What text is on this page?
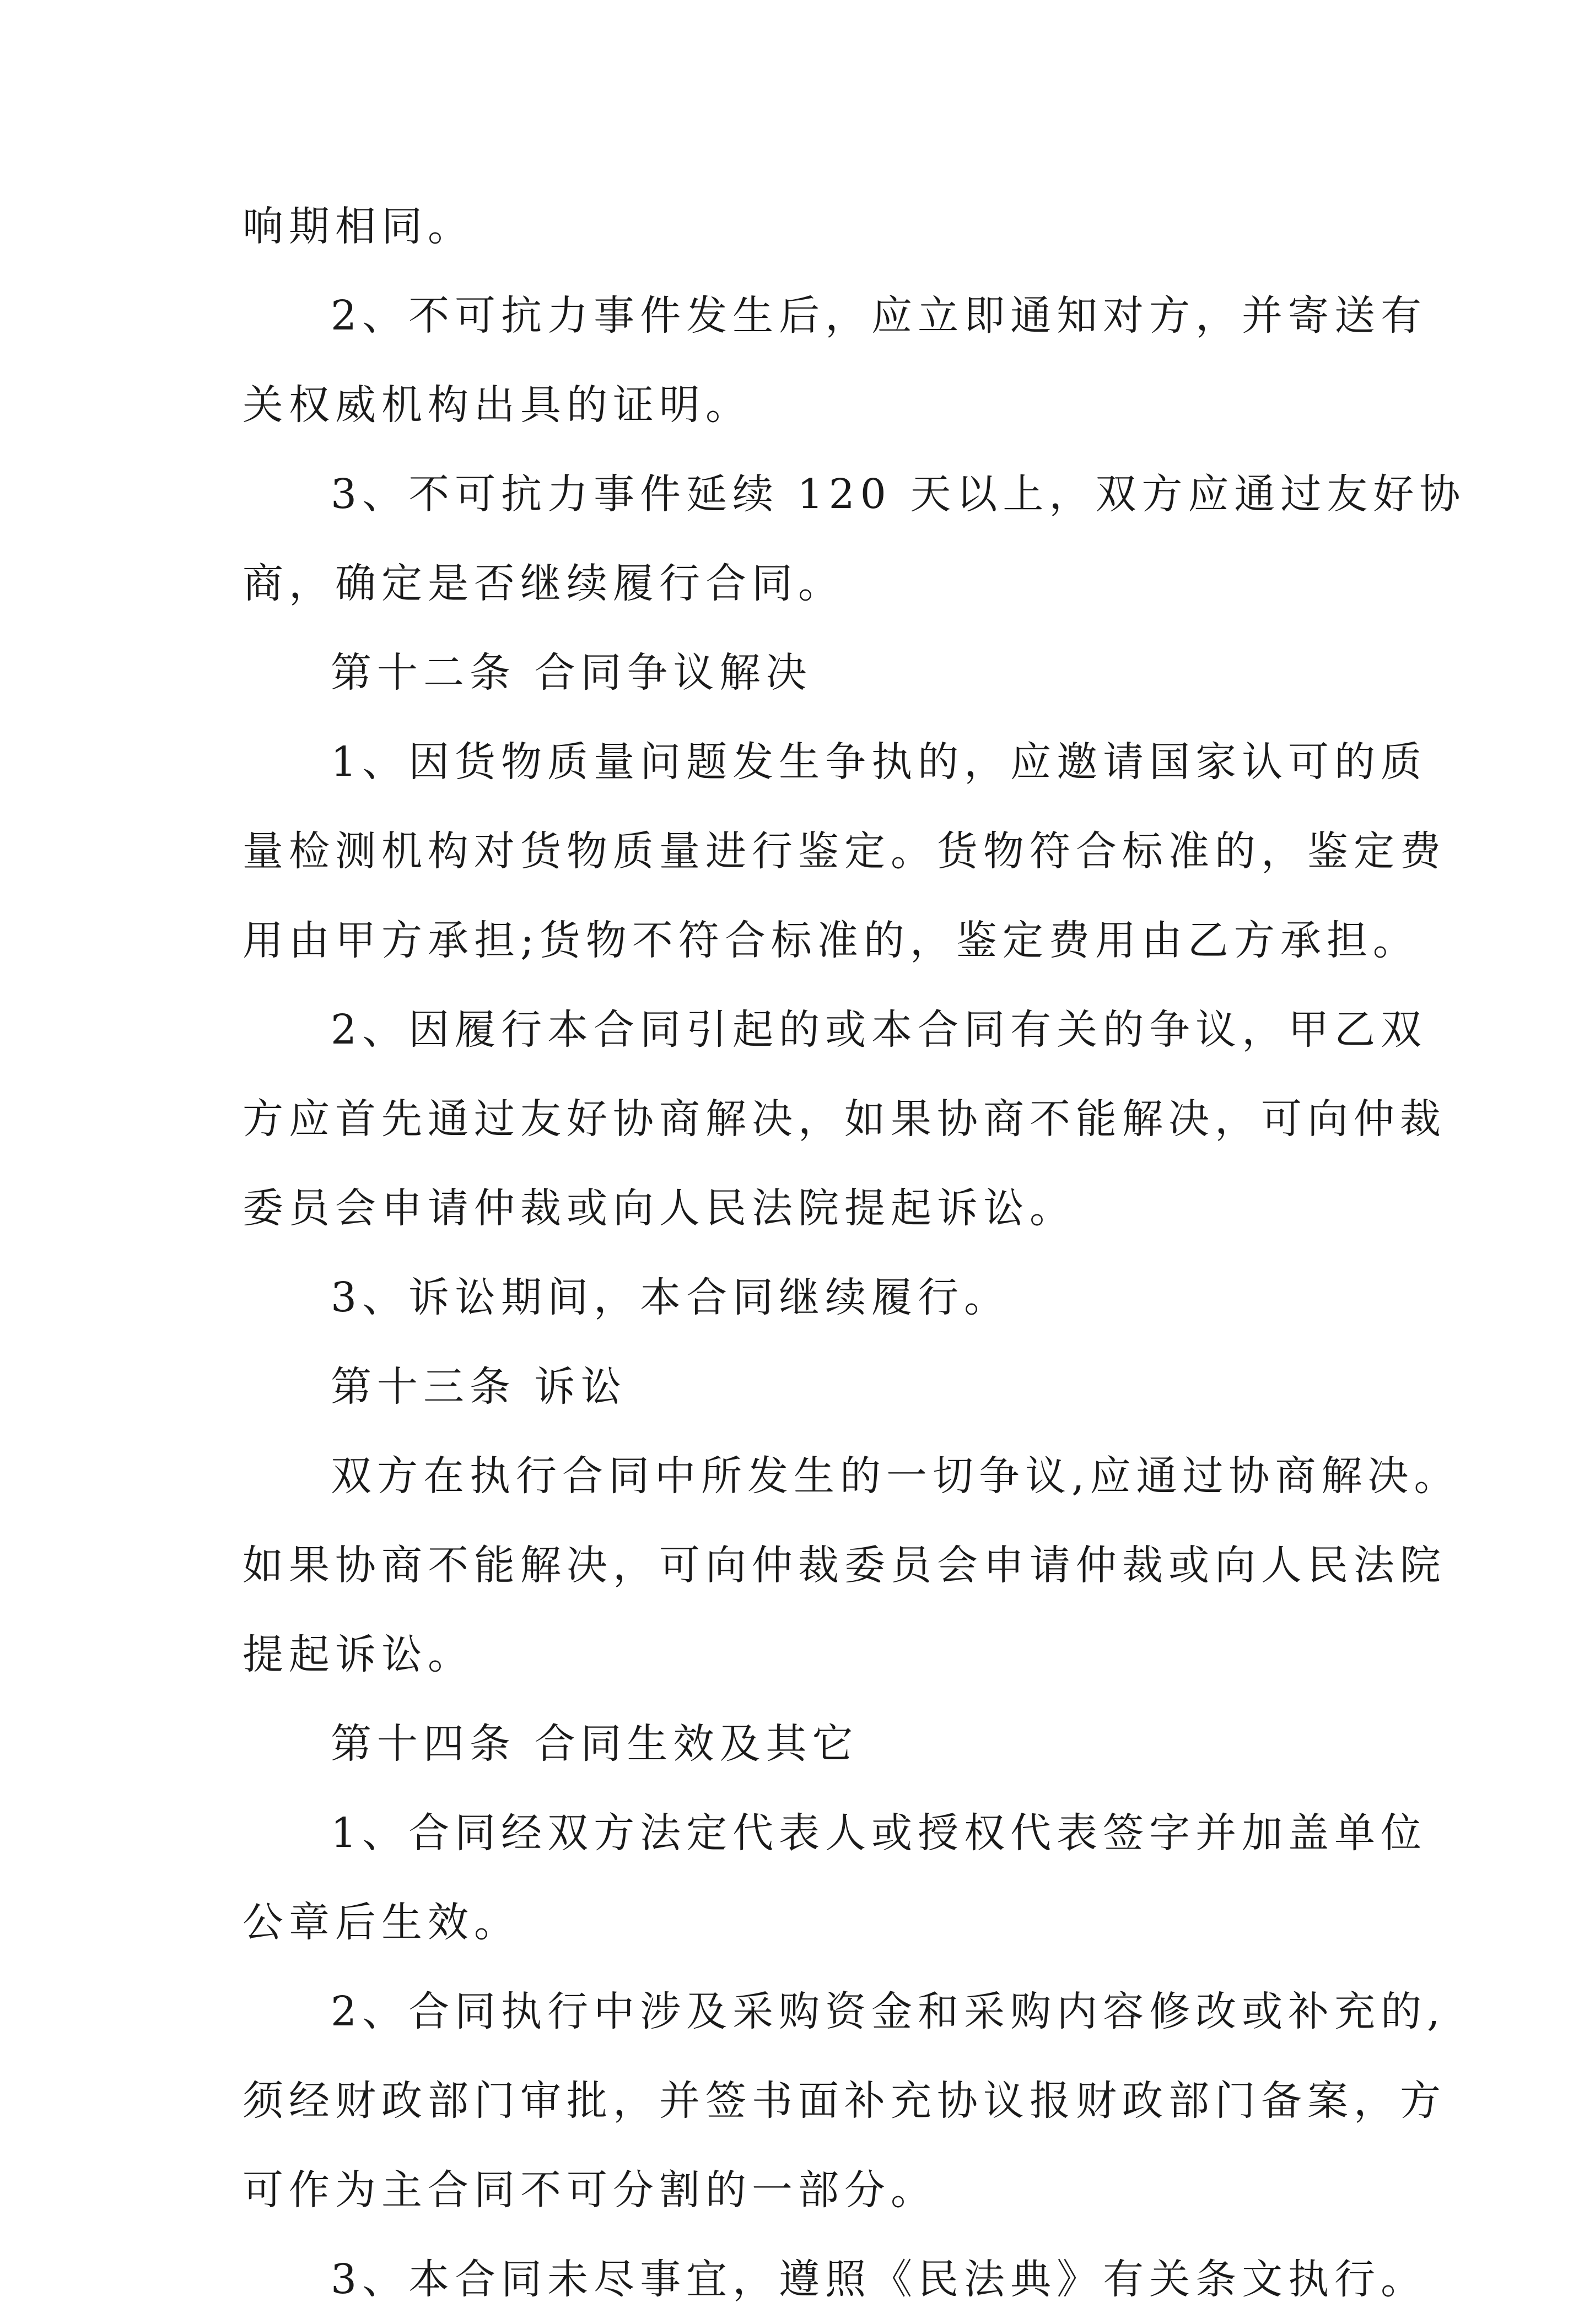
响期相同。
2、不可抗力事件发生后，应立即通知对方，并寄送有
关权威机构出具的证明。
3、不可抗力事件延续 120 天以上，双方应通过友好协
商，确定是否继续履行合同。
第十二条 合同争议解决
1、因货物质量问题发生争执的，应邀请国家认可的质
量检测机构对货物质量进行鉴定。货物符合标准的，鉴定费
用由甲方承担;货物不符合标准的，鉴定费用由乙方承担。
2、因履行本合同引起的或本合同有关的争议，甲乙双
方应首先通过友好协商解决，如果协商不能解决，可向仲裁
委员会申请仲裁或向人民法院提起诉讼。
3、诉讼期间，本合同继续履行。
第十三条 诉讼
双方在执行合同中所发生的一切争议,应通过协商解决。
如果协商不能解决，可向仲裁委员会申请仲裁或向人民法院
提起诉讼。
第十四条 合同生效及其它
1、合同经双方法定代表人或授权代表签字并加盖单位
公章后生效。
2、合同执行中涉及采购资金和采购内容修改或补充的,
须经财政部门审批，并签书面补充协议报财政部门备案，方
可作为主合同不可分割的一部分。
3、本合同未尽事宜，遵照《民法典》有关条文执行。
